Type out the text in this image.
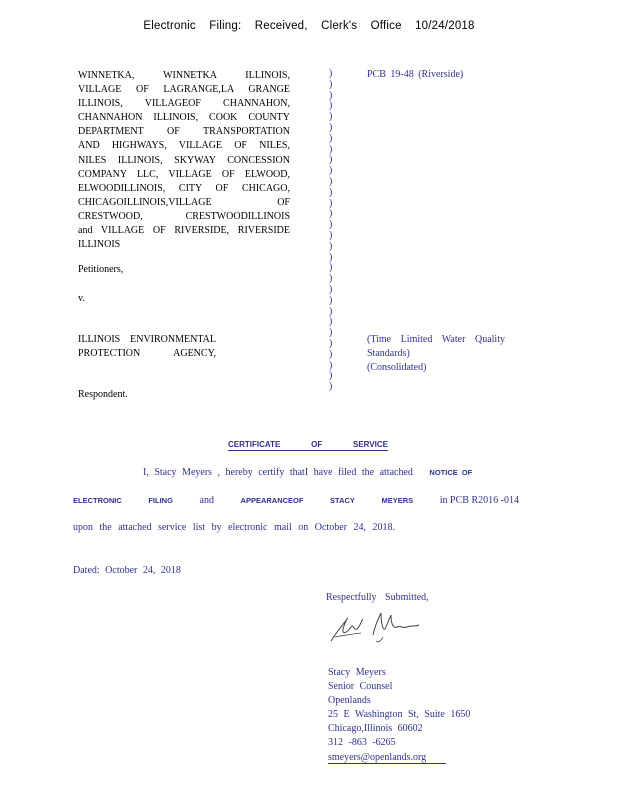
Electronic Filing: Received, Clerk's Office 10/24/2018
WINNETKA, WINNETKA ILLINOIS,
VILLAGE OF LAGRANGE,LA GRANGE
ILLINOIS, VILLAGEOF CHANNAHON,
CHANNAHON ILLINOIS, COOK COUNTY
DEPARTMENT OF TRANSPORTATION
AND HIGHWAYS, VILLAGE OF NILES,
NILES ILLINOIS, SKYWAY CONCESSION
COMPANY LLC, VILLAGE OF ELWOOD,
ELWOODILLINOIS, CITY OF CHICAGO,
CHICAGOILLINOIS,VILLAGE OF
CRESTWOOD, CRESTWOODILLINOIS
and VILLAGE OF RIVERSIDE, RIVERSIDE
ILLINOIS
)
)
)
)
)
)
)
)
)
)
)
)
)
)
)
)
)
)
)
)
)
)
)
)
)
)
)
)
)
)
PCB 19-48 (Riverside)
Petitioners,
v.
ILLINOIS ENVIRONMENTAL
PROTECTION AGENCY,
(Time Limited Water Quality
Standards)
(Consolidated)
Respondent.
CERTIFICATE	OF	SERVICE
I, Stacy Meyers , hereby certify thatI have filed the attached NOTICE OF
ELECTRONIC	FILING	and	APPEARANCEOF	STACY	MEYERS	in PCB R2016 -014
upon the attached service list by electronic mail on October 24, 2018.
Dated: October 24, 2018
Respectfully Submitted,
Stacy Meyers
Senior Counsel
Openlands
25 E Washington St, Suite 1650
Chicago,Illinois 60602
312 -863 -6265
smeyers@openlands.org
